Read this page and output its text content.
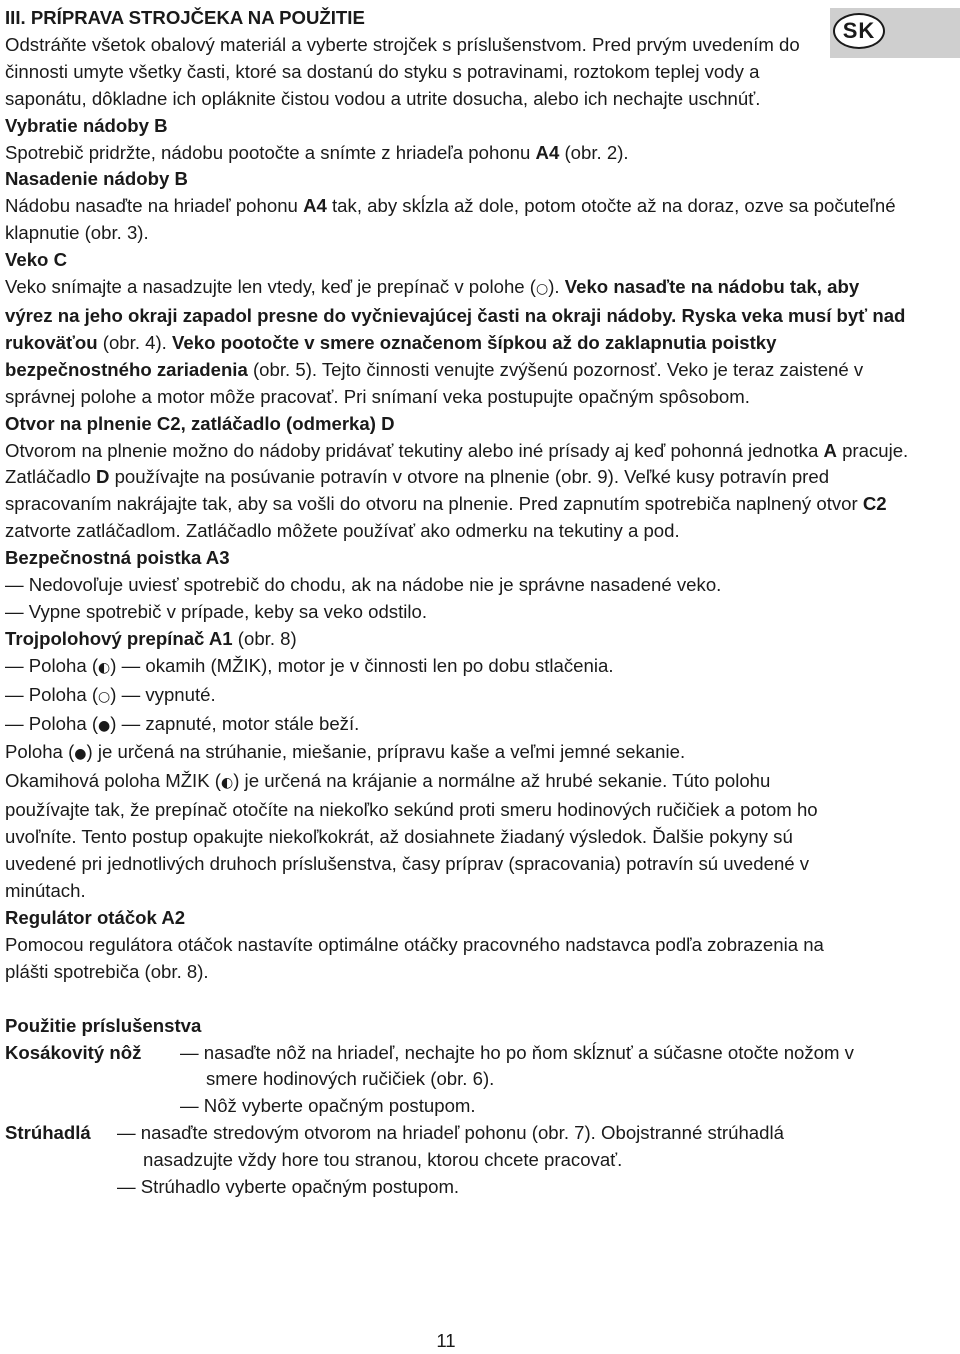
SK

III. PRÍPRAVA STROJČEKA NA POUŽITIE

Odstráňte všetok obalový materiál a vyberte strojček s príslušenstvom. Pred prvým uvedením do činnosti umyte všetky časti, ktoré sa dostanú do styku s potravinami, roztokom teplej vody a saponátu, dôkladne ich opláknite čistou vodou a utrite dosucha, alebo ich nechajte uschnúť.

Vybratie nádoby B

Spotrebič pridržte, nádobu pootočte a snímte z hriadeľa pohonu A4 (obr. 2).

Nasadenie nádoby B

Nádobu nasaďte na hriadeľ pohonu A4 tak, aby skĺzla až dole, potom otočte až na doraz, ozve sa počuteľné klapnutie (obr. 3).

Veko C

Veko snímajte a nasadzujte len vtedy, keď je prepínač v polohe (○). Veko nasaďte na nádobu tak, aby výrez na jeho okraji zapadol presne do vyčnievajúcej časti na okraji nádoby. Ryska veka musí byť nad rukoväťou (obr. 4). Veko pootočte v smere označenom šípkou až do zaklapnutia poistky bezpečnostného zariadenia (obr. 5). Tejto činnosti venujte zvýšenú pozornosť. Veko je teraz zaistené v správnej polohe a motor môže pracovať. Pri snímaní veka postupujte opačným spôsobom.

Otvor na plnenie C2, zatláčadlo (odmerka) D

Otvorom na plnenie možno do nádoby pridávať tekutiny alebo iné prísady aj keď pohonná jednotka A pracuje. Zatláčadlo D používajte na posúvanie potravín v otvore na plnenie (obr. 9). Veľké kusy potravín pred spracovaním nakrájajte tak, aby sa vošli do otvoru na plnenie. Pred zapnutím spotrebiča naplnený otvor C2 zatvorte zatláčadlom. Zatláčadlo môžete používať ako odmerku na tekutiny a pod.

Bezpečnostná poistka A3

— Nedovoľuje uviesť spotrebič do chodu, ak na nádobe nie je správne nasadené veko.

— Vypne spotrebič v prípade, keby sa veko odstilo.

Trojpolohový prepínač A1 (obr. 8)

— Poloha (◐) — okamih (MŽIK), motor je v činnosti len po dobu stlačenia.

— Poloha (○) — vypnuté.

— Poloha (●) — zapnuté, motor stále beží.

Poloha (●) je určená na strúhanie, miešanie, prípravu kaše a veľmi jemné sekanie.

Okamihová poloha MŽIK (◐) je určená na krájanie a normálne až hrubé sekanie. Túto polohu používajte tak, že prepínač otočíte na niekoľko sekúnd proti smeru hodinových ručičiek a potom ho uvoľníte. Tento postup opakujte niekoľkokrát, až dosiahnete žiadaný výsledok. Ďalšie pokyny sú uvedené pri jednotlivých druhoch príslušenstva, časy príprav (spracovania) potravín sú uvedené v minútach.

Regulátor otáčok A2

Pomocou regulátora otáčok nastavíte optimálne otáčky pracovného nadstavca podľa zobrazenia na plášti spotrebiča (obr. 8).

Použitie príslušenstva

Kosákovitý nôž	— nasaďte nôž na hriadeľ, nechajte ho po ňom skĺznuť a súčasne otočte nožom v smere hodinových ručičiek (obr. 6).

— Nôž vyberte opačným postupom.

Strúhadlá	— nasaďte stredovým otvorom na hriadeľ pohonu (obr. 7). Obojstranné strúhadlá nasadzujte vždy hore tou stranou, ktorou chcete pracovať.

— Strúhadlo vyberte opačným postupom.

11
